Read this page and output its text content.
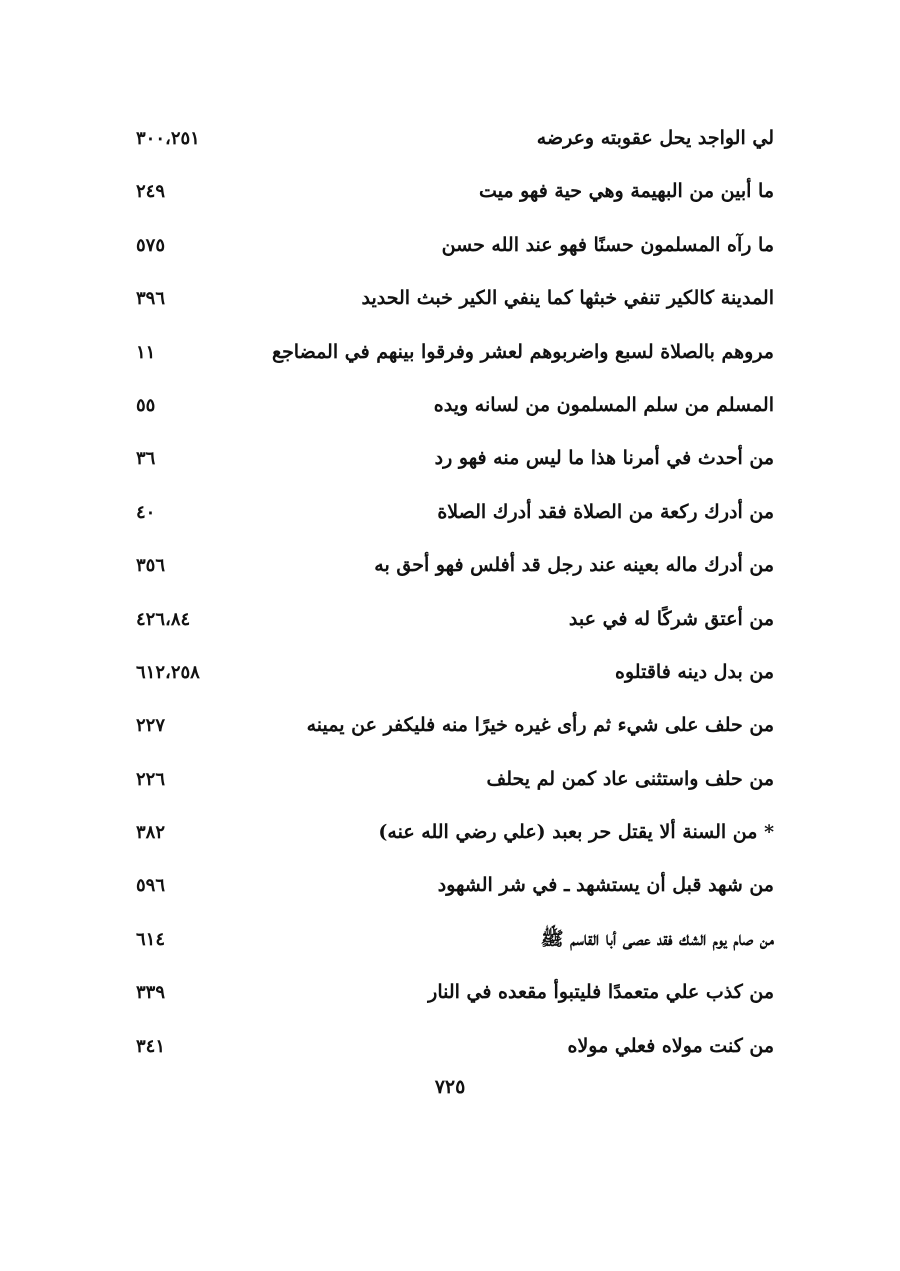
لي الواجد يحل عقوبته وعرضه
٣٠٠،٢٥١
ما أبين من البهيمة وهي حية فهو ميت
٢٤٩
ما رآه المسلمون حسنًا فهو عند الله حسن
٥٧٥
المدينة كالكير تنفي خبثها كما ينفي الكير خبث الحديد
٣٩٦
مروهم بالصلاة لسبع واضربوهم لعشر وفرقوا بينهم في المضاجع
١١
المسلم من سلم المسلمون من لسانه ويده
٥٥
من أحدث في أمرنا هذا ما ليس منه فهو رد
٣٦
من أدرك ركعة من الصلاة فقد أدرك الصلاة
٤٠
من أدرك ماله بعينه عند رجل قد أفلس فهو أحق به
٣٥٦
من أعتق شركًا له في عبد
٤٢٦،٨٤
من بدل دينه فاقتلوه
٦١٢،٢٥٨
من حلف على شيء ثم رأى غيره خيرًا منه فليكفر عن يمينه
٢٢٧
من حلف واستثنى عاد كمن لم يحلف
٢٢٦
* من السنة ألا يقتل حر بعبد (علي رضي الله عنه)
٣٨٢
من شهد قبل أن يستشهد ـ في شر الشهود
٥٩٦
من صام يوم الشك فقد عصى أبا القاسم ﷺ
٦١٤
من كذب علي متعمدًا فليتبوأ مقعده في النار
٣٣٩
من كنت مولاه فعلي مولاه
٣٤١
٧٢٥
